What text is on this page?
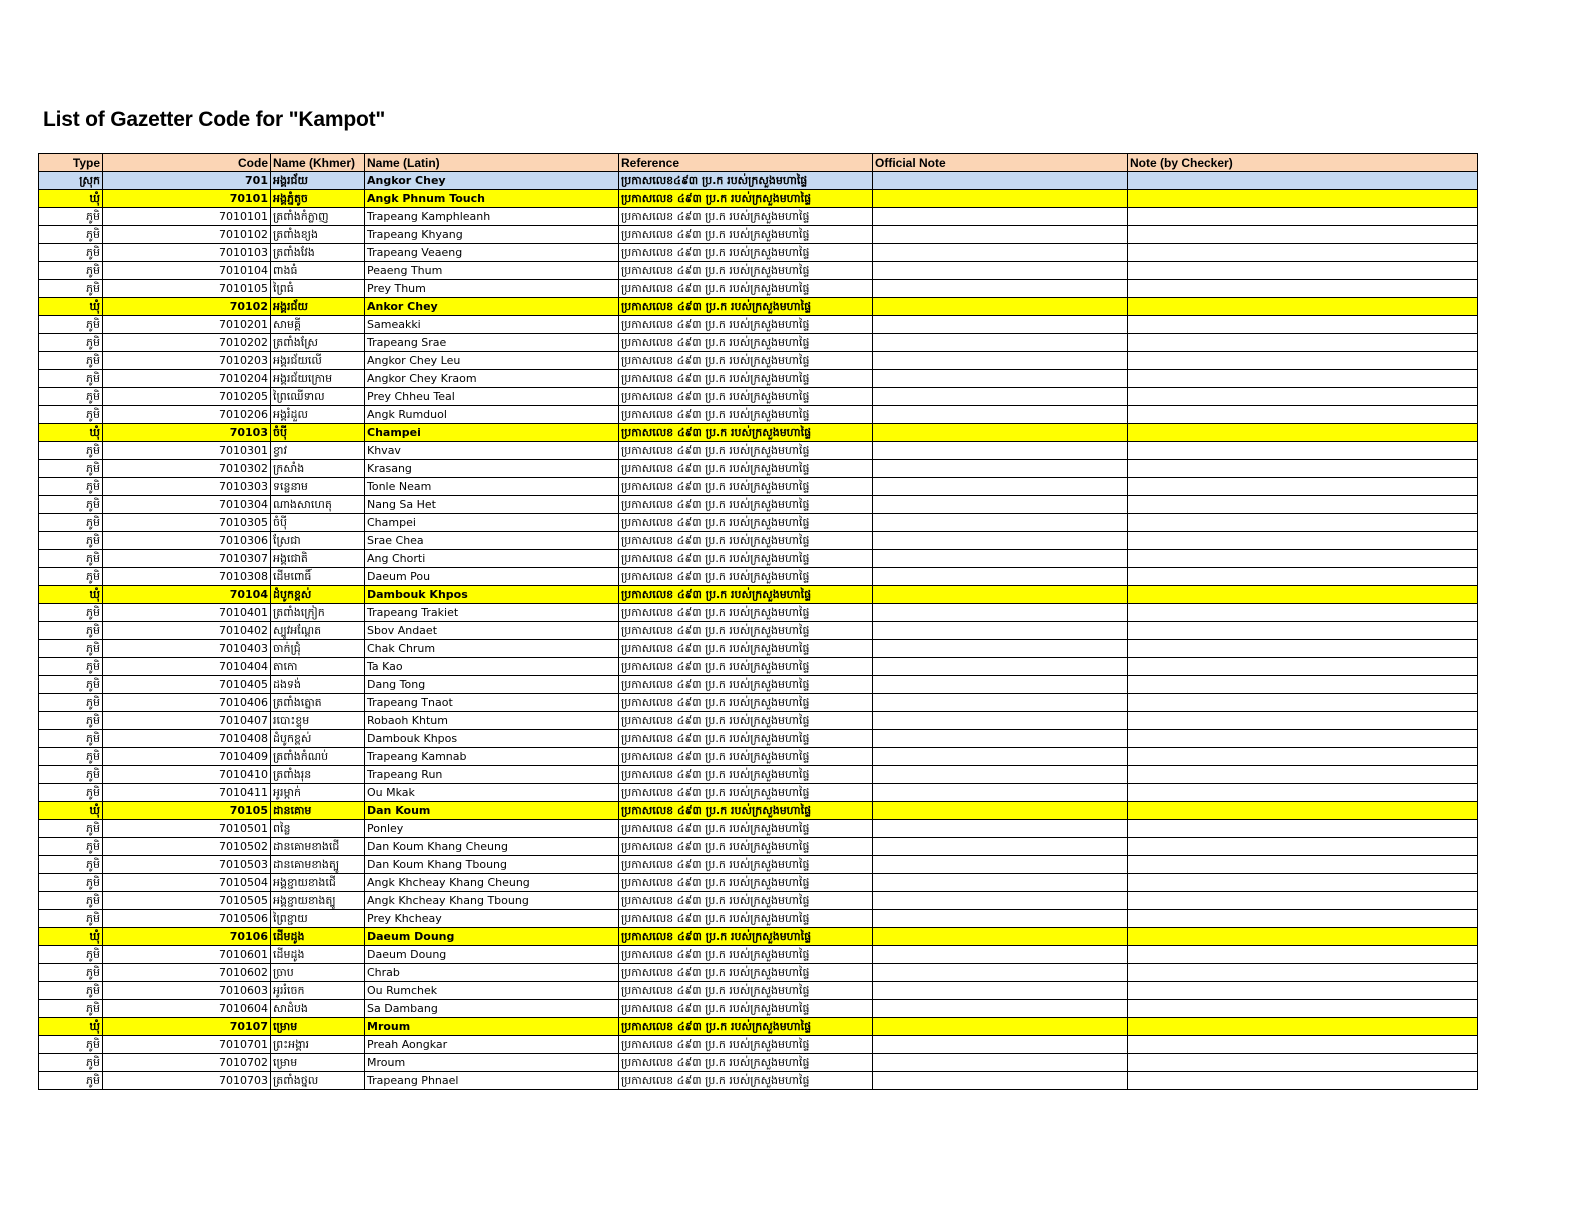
List of Gazetter Code for "Kampot"
Type	Code	Name (Khmer)	Name (Latin)	Reference	Official Note	Note (by Checker)
ស្រុក	701	អង្គរជ័យ	Angkor Chey	ប្រកាសលេខ៤៩៣ ប្រ.ក របស់ក្រសួងមហាផ្ទៃ		
ឃុំ	70101	អង្គភ្នំតូច	Angk Phnum Touch	ប្រកាសលេខ ៤៩៣ ប្រ.ក របស់ក្រសួងមហាផ្ទៃ		
ភូមិ	7010101	ត្រពាំងកំភ្លាញ	Trapeang Kamphleanh	ប្រកាសលេខ ៤៩៣ ប្រ.ក របស់ក្រសួងមហាផ្ទៃ		
ភូមិ	7010102	ត្រពាំងខ្យង	Trapeang Khyang	ប្រកាសលេខ ៤៩៣ ប្រ.ក របស់ក្រសួងមហាផ្ទៃ		
ភូមិ	7010103	ត្រពាំងវែង	Trapeang Veaeng	ប្រកាសលេខ ៤៩៣ ប្រ.ក របស់ក្រសួងមហាផ្ទៃ		
ភូមិ	7010104	ពាងធំ	Peaeng Thum	ប្រកាសលេខ ៤៩៣ ប្រ.ក របស់ក្រសួងមហាផ្ទៃ		
ភូមិ	7010105	ព្រៃធំ	Prey Thum	ប្រកាសលេខ ៤៩៣ ប្រ.ក របស់ក្រសួងមហាផ្ទៃ		
ឃុំ	70102	អង្គរជ័យ	Ankor Chey	ប្រកាសលេខ ៤៩៣ ប្រ.ក របស់ក្រសួងមហាផ្ទៃ		
ភូមិ	7010201	សាមគ្គី	Sameakki	ប្រកាសលេខ ៤៩៣ ប្រ.ក របស់ក្រសួងមហាផ្ទៃ		
ភូមិ	7010202	ត្រពាំងស្រែ	Trapeang Srae	ប្រកាសលេខ ៤៩៣ ប្រ.ក របស់ក្រសួងមហាផ្ទៃ		
ភូមិ	7010203	អង្គរជ័យលើ	Angkor Chey Leu	ប្រកាសលេខ ៤៩៣ ប្រ.ក របស់ក្រសួងមហាផ្ទៃ		
ភូមិ	7010204	អង្គរជ័យក្រោម	Angkor Chey Kraom	ប្រកាសលេខ ៤៩៣ ប្រ.ក របស់ក្រសួងមហាផ្ទៃ		
ភូមិ	7010205	ព្រៃឈើទាល	Prey Chheu Teal	ប្រកាសលេខ ៤៩៣ ប្រ.ក របស់ក្រសួងមហាផ្ទៃ		
ភូមិ	7010206	អង្គរំដួល	Angk Rumduol	ប្រកាសលេខ ៤៩៣ ប្រ.ក របស់ក្រសួងមហាផ្ទៃ		
ឃុំ	70103	ចំប៉ី	Champei	ប្រកាសលេខ ៤៩៣ ប្រ.ក របស់ក្រសួងមហាផ្ទៃ		
ភូមិ	7010301	ខ្វាវ	Khvav	ប្រកាសលេខ ៤៩៣ ប្រ.ក របស់ក្រសួងមហាផ្ទៃ		
ភូមិ	7010302	ក្រសាំង	Krasang	ប្រកាសលេខ ៤៩៣ ប្រ.ក របស់ក្រសួងមហាផ្ទៃ		
ភូមិ	7010303	ទន្លេនាម	Tonle Neam	ប្រកាសលេខ ៤៩៣ ប្រ.ក របស់ក្រសួងមហាផ្ទៃ		
ភូមិ	7010304	ណាងសាហេតុ	Nang Sa Het	ប្រកាសលេខ ៤៩៣ ប្រ.ក របស់ក្រសួងមហាផ្ទៃ		
ភូមិ	7010305	ចំប៉ី	Champei	ប្រកាសលេខ ៤៩៣ ប្រ.ក របស់ក្រសួងមហាផ្ទៃ		
ភូមិ	7010306	ស្រែជា	Srae Chea	ប្រកាសលេខ ៤៩៣ ប្រ.ក របស់ក្រសួងមហាផ្ទៃ		
ភូមិ	7010307	អង្គជោតិ	Ang Chorti	ប្រកាសលេខ ៤៩៣ ប្រ.ក របស់ក្រសួងមហាផ្ទៃ		
ភូមិ	7010308	ដើមពោធិ៍	Daeum Pou	ប្រកាសលេខ ៤៩៣ ប្រ.ក របស់ក្រសួងមហាផ្ទៃ		
ឃុំ	70104	ដំបូកខ្ពស់	Dambouk Khpos	ប្រកាសលេខ ៤៩៣ ប្រ.ក របស់ក្រសួងមហាផ្ទៃ		
ភូមិ	7010401	ត្រពាំងក្រៀក	Trapeang Trakiet	ប្រកាសលេខ ៤៩៣ ប្រ.ក របស់ក្រសួងមហាផ្ទៃ		
ភូមិ	7010402	ស្បូវអណ្ដែត	Sbov Andaet	ប្រកាសលេខ ៤៩៣ ប្រ.ក របស់ក្រសួងមហាផ្ទៃ		
ភូមិ	7010403	ចាក់ជ្រុំ	Chak Chrum	ប្រកាសលេខ ៤៩៣ ប្រ.ក របស់ក្រសួងមហាផ្ទៃ		
ភូមិ	7010404	តាកោ	Ta Kao	ប្រកាសលេខ ៤៩៣ ប្រ.ក របស់ក្រសួងមហាផ្ទៃ		
ភូមិ	7010405	ដងទង់	Dang Tong	ប្រកាសលេខ ៤៩៣ ប្រ.ក របស់ក្រសួងមហាផ្ទៃ		
ភូមិ	7010406	ត្រពាំងត្នោត	Trapeang Tnaot	ប្រកាសលេខ ៤៩៣ ប្រ.ក របស់ក្រសួងមហាផ្ទៃ		
ភូមិ	7010407	របោះខ្ទុម	Robaoh Khtum	ប្រកាសលេខ ៤៩៣ ប្រ.ក របស់ក្រសួងមហាផ្ទៃ		
ភូមិ	7010408	ដំបូកខ្ពស់	Dambouk Khpos	ប្រកាសលេខ ៤៩៣ ប្រ.ក របស់ក្រសួងមហាផ្ទៃ		
ភូមិ	7010409	ត្រពាំងកំណប់	Trapeang Kamnab	ប្រកាសលេខ ៤៩៣ ប្រ.ក របស់ក្រសួងមហាផ្ទៃ		
ភូមិ	7010410	ត្រពាំងរុន	Trapeang Run	ប្រកាសលេខ ៤៩៣ ប្រ.ក របស់ក្រសួងមហាផ្ទៃ		
ភូមិ	7010411	អូរម្កាក់	Ou Mkak	ប្រកាសលេខ ៤៩៣ ប្រ.ក របស់ក្រសួងមហាផ្ទៃ		
ឃុំ	70105	ដានគោម	Dan Koum	ប្រកាសលេខ ៤៩៣ ប្រ.ក របស់ក្រសួងមហាផ្ទៃ		
ភូមិ	7010501	ពន្លៃ	Ponley	ប្រកាសលេខ ៤៩៣ ប្រ.ក របស់ក្រសួងមហាផ្ទៃ		
ភូមិ	7010502	ដានគោមខាងជើ	Dan Koum Khang Cheung	ប្រកាសលេខ ៤៩៣ ប្រ.ក របស់ក្រសួងមហាផ្ទៃ		
ភូមិ	7010503	ដានគោមខាងត្បូ	Dan Koum Khang Tboung	ប្រកាសលេខ ៤៩៣ ប្រ.ក របស់ក្រសួងមហាផ្ទៃ		
ភូមិ	7010504	អង្គខ្ជាយខាងជើ	Angk Khcheay Khang Cheung	ប្រកាសលេខ ៤៩៣ ប្រ.ក របស់ក្រសួងមហាផ្ទៃ		
ភូមិ	7010505	អង្គខ្ជាយខាងត្បូ	Angk Khcheay Khang Tboung	ប្រកាសលេខ ៤៩៣ ប្រ.ក របស់ក្រសួងមហាផ្ទៃ		
ភូមិ	7010506	ព្រៃខ្ជាយ	Prey Khcheay	ប្រកាសលេខ ៤៩៣ ប្រ.ក របស់ក្រសួងមហាផ្ទៃ		
ឃុំ	70106	ដើមដូង	Daeum Doung	ប្រកាសលេខ ៤៩៣ ប្រ.ក របស់ក្រសួងមហាផ្ទៃ		
ភូមិ	7010601	ដើមដូង	Daeum Doung	ប្រកាសលេខ ៤៩៣ ប្រ.ក របស់ក្រសួងមហាផ្ទៃ		
ភូមិ	7010602	ច្រាប	Chrab	ប្រកាសលេខ ៤៩៣ ប្រ.ក របស់ក្រសួងមហាផ្ទៃ		
ភូមិ	7010603	អូររំចេក	Ou Rumchek	ប្រកាសលេខ ៤៩៣ ប្រ.ក របស់ក្រសួងមហាផ្ទៃ		
ភូមិ	7010604	សាដំបង	Sa Dambang	ប្រកាសលេខ ៤៩៣ ប្រ.ក របស់ក្រសួងមហាផ្ទៃ		
ឃុំ	70107	ម្រោម	Mroum	ប្រកាសលេខ ៤៩៣ ប្រ.ក របស់ក្រសួងមហាផ្ទៃ		
ភូមិ	7010701	ព្រះឣង្គារ	Preah Aongkar	ប្រកាសលេខ ៤៩៣ ប្រ.ក របស់ក្រសួងមហាផ្ទៃ		
ភូមិ	7010702	ម្រោម	Mroum	ប្រកាសលេខ ៤៩៣ ប្រ.ក របស់ក្រសួងមហាផ្ទៃ		
ភូមិ	7010703	ត្រពាំងថ្នល	Trapeang Phnael	ប្រកាសលេខ ៤៩៣ ប្រ.ក របស់ក្រសួងមហាផ្ទៃ		
